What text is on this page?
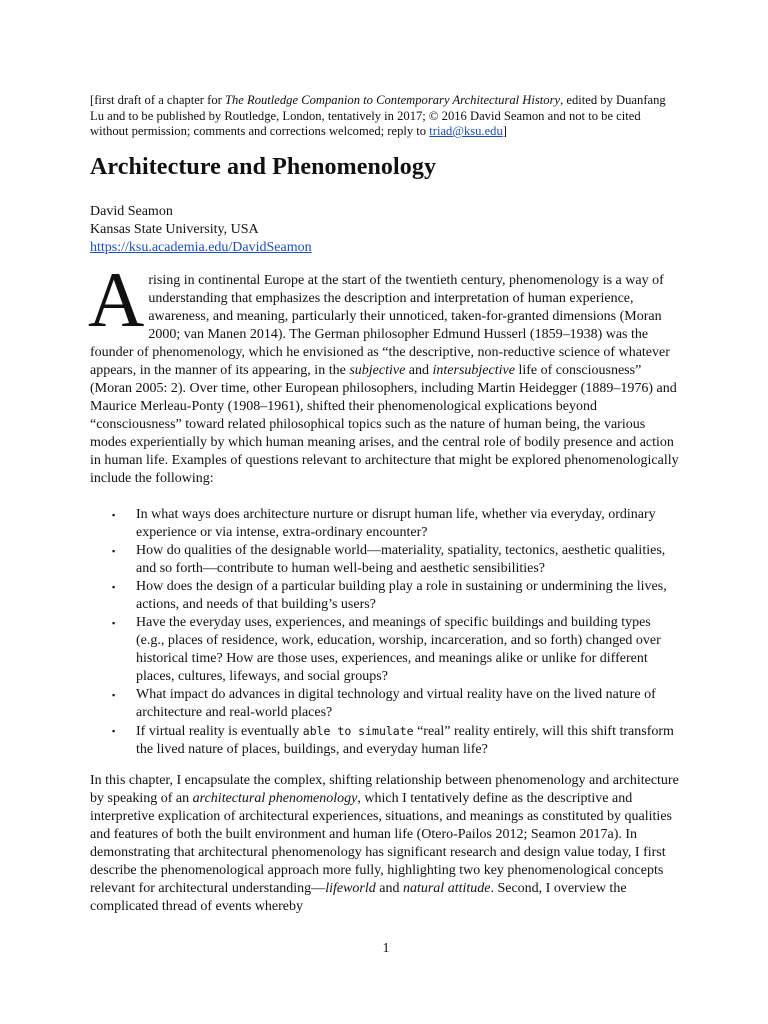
[first draft of a chapter for The Routledge Companion to Contemporary Architectural History, edited by Duanfang Lu and to be published by Routledge, London, tentatively in 2017; © 2016 David Seamon and not to be cited without permission; comments and corrections welcomed; reply to triad@ksu.edu]

Architecture and Phenomenology

David Seamon
Kansas State University, USA
https://ksu.academia.edu/DavidSeamon

Arising in continental Europe at the start of the twentieth century, phenomenology is a way of understanding that emphasizes the description and interpretation of human experience, awareness, and meaning, particularly their unnoticed, taken-for-granted dimensions (Moran 2000; van Manen 2014). The German philosopher Edmund Husserl (1859–1938) was the founder of phenomenology, which he envisioned as “the descriptive, non-reductive science of whatever appears, in the manner of its appearing, in the subjective and intersubjective life of consciousness” (Moran 2005: 2). Over time, other European philosophers, including Martin Heidegger (1889–1976) and Maurice Merleau-Ponty (1908–1961), shifted their phenomenological explications beyond “consciousness” toward related philosophical topics such as the nature of human being, the various modes experientially by which human meaning arises, and the central role of bodily presence and action in human life. Examples of questions relevant to architecture that might be explored phenomenologically include the following:

▪ In what ways does architecture nurture or disrupt human life, whether via everyday, ordinary experience or via intense, extra-ordinary encounter?
▪ How do qualities of the designable world—materiality, spatiality, tectonics, aesthetic qualities, and so forth—contribute to human well-being and aesthetic sensibilities?
▪ How does the design of a particular building play a role in sustaining or undermining the lives, actions, and needs of that building’s users?
▪ Have the everyday uses, experiences, and meanings of specific buildings and building types (e.g., places of residence, work, education, worship, incarceration, and so forth) changed over historical time? How are those uses, experiences, and meanings alike or unlike for different places, cultures, lifeways, and social groups?
▪ What impact do advances in digital technology and virtual reality have on the lived nature of architecture and real-world places?
▪ If virtual reality is eventually able to simulate “real” reality entirely, will this shift transform the lived nature of places, buildings, and everyday human life?

In this chapter, I encapsulate the complex, shifting relationship between phenomenology and architecture by speaking of an architectural phenomenology, which I tentatively define as the descriptive and interpretive explication of architectural experiences, situations, and meanings as constituted by qualities and features of both the built environment and human life (Otero-Pailos 2012; Seamon 2017a). In demonstrating that architectural phenomenology has significant research and design value today, I first describe the phenomenological approach more fully, highlighting two key phenomenological concepts relevant for architectural understanding—lifeworld and natural attitude. Second, I overview the complicated thread of events whereby

1
